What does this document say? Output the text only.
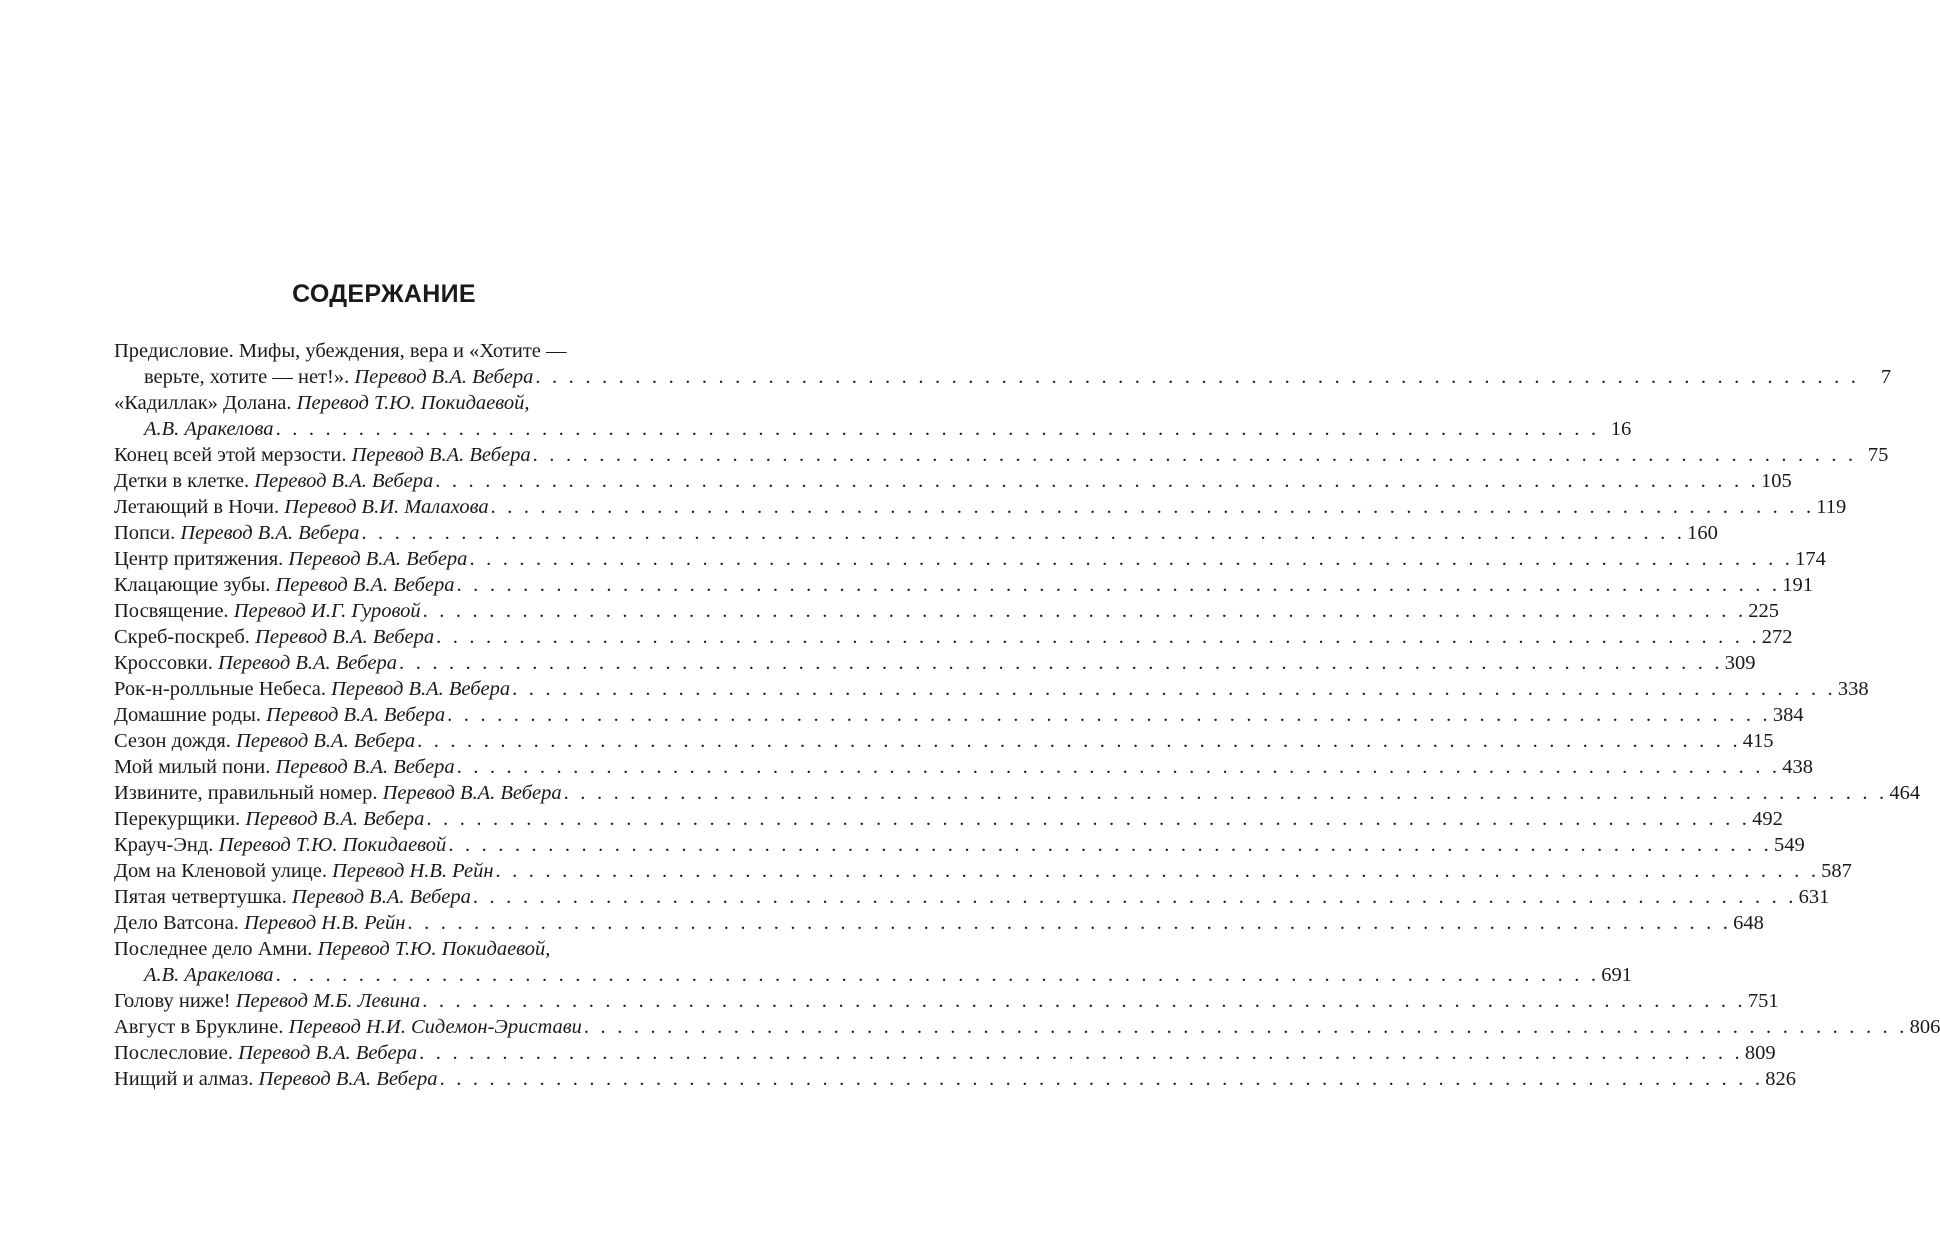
СОДЕРЖАНИЕ
Предисловие. Мифы, убеждения, вера и «Хотите —
верьте, хотите — нет!». Перевод В.А. Вебера . . . . . . . . . . . . . . . . . . . . . . . . . . . . . . . . . . . . . . . . . . . . . . . . . . . . . . . . . . . . . . . . . . . . . . . . . . . . . . . .	7
«Кадиллак» Долана. Перевод Т.Ю. Покидаевой,
А.В. Аракелова . . . . . . . . . . . . . . . . . . . . . . . . . . . . . . . . . . . . . . . . . . . . . . . . . . . . . . . . . . . . . . . . . . . . . . . . . . . . . . . . 16
Конец всей этой мерзости. Перевод В.А. Вебера . . . . . . . . . . . . . . . . . . . . . . . . . . . . . . . . . . . . . . . . . . . . . . . . . . . . . . . . . . . . . . . . . . . . . . . . . . . . . . . . 75
Детки в клетке. Перевод В.А. Вебера . . . . . . . . . . . . . . . . . . . . . . . . . . . . . . . . . . . . . . . . . . . . . . . . . . . . . . . . . . . . . . . . . . . . . . . . . . . . . . . . 105
Летающий в Ночи. Перевод В.И. Малахова . . . . . . . . . . . . . . . . . . . . . . . . . . . . . . . . . . . . . . . . . . . . . . . . . . . . . . . . . . . . . . . . . . . . . . . . . . . . . . . . 119
Попси. Перевод В.А. Вебера . . . . . . . . . . . . . . . . . . . . . . . . . . . . . . . . . . . . . . . . . . . . . . . . . . . . . . . . . . . . . . . . . . . . . . . . . . . . . . . . 160
Центр притяжения. Перевод В.А. Вебера . . . . . . . . . . . . . . . . . . . . . . . . . . . . . . . . . . . . . . . . . . . . . . . . . . . . . . . . . . . . . . . . . . . . . . . . . . . . . . . . 174
Клацающие зубы. Перевод В.А. Вебера . . . . . . . . . . . . . . . . . . . . . . . . . . . . . . . . . . . . . . . . . . . . . . . . . . . . . . . . . . . . . . . . . . . . . . . . . . . . . . . . 191
Посвящение. Перевод И.Г. Гуровой . . . . . . . . . . . . . . . . . . . . . . . . . . . . . . . . . . . . . . . . . . . . . . . . . . . . . . . . . . . . . . . . . . . . . . . . . . . . . . . . 225
Скреб-поскреб. Перевод В.А. Вебера . . . . . . . . . . . . . . . . . . . . . . . . . . . . . . . . . . . . . . . . . . . . . . . . . . . . . . . . . . . . . . . . . . . . . . . . . . . . . . . . 272
Кроссовки. Перевод В.А. Вебера . . . . . . . . . . . . . . . . . . . . . . . . . . . . . . . . . . . . . . . . . . . . . . . . . . . . . . . . . . . . . . . . . . . . . . . . . . . . . . . . 309
Рок-н-ролльные Небеса. Перевод В.А. Вебера . . . . . . . . . . . . . . . . . . . . . . . . . . . . . . . . . . . . . . . . . . . . . . . . . . . . . . . . . . . . . . . . . . . . . . . . . . . . . . . . 338
Домашние роды. Перевод В.А. Вебера . . . . . . . . . . . . . . . . . . . . . . . . . . . . . . . . . . . . . . . . . . . . . . . . . . . . . . . . . . . . . . . . . . . . . . . . . . . . . . . . 384
Сезон дождя. Перевод В.А. Вебера . . . . . . . . . . . . . . . . . . . . . . . . . . . . . . . . . . . . . . . . . . . . . . . . . . . . . . . . . . . . . . . . . . . . . . . . . . . . . . . . 415
Мой милый пони. Перевод В.А. Вебера . . . . . . . . . . . . . . . . . . . . . . . . . . . . . . . . . . . . . . . . . . . . . . . . . . . . . . . . . . . . . . . . . . . . . . . . . . . . . . . . 438
Извините, правильный номер. Перевод В.А. Вебера . . . . . . . . . . . . . . . . . . . . . . . . . . . . . . . . . . . . . . . . . . . . . . . . . . . . . . . . . . . . . . . . . . . . . . . . . . . . . . . . 464
Перекурщики. Перевод В.А. Вебера . . . . . . . . . . . . . . . . . . . . . . . . . . . . . . . . . . . . . . . . . . . . . . . . . . . . . . . . . . . . . . . . . . . . . . . . . . . . . . . . 492
Крауч-Энд. Перевод Т.Ю. Покидаевой . . . . . . . . . . . . . . . . . . . . . . . . . . . . . . . . . . . . . . . . . . . . . . . . . . . . . . . . . . . . . . . . . . . . . . . . . . . . . . . . 549
Дом на Кленовой улице. Перевод Н.В. Рейн . . . . . . . . . . . . . . . . . . . . . . . . . . . . . . . . . . . . . . . . . . . . . . . . . . . . . . . . . . . . . . . . . . . . . . . . . . . . . . . . 587
Пятая четвертушка. Перевод В.А. Вебера . . . . . . . . . . . . . . . . . . . . . . . . . . . . . . . . . . . . . . . . . . . . . . . . . . . . . . . . . . . . . . . . . . . . . . . . . . . . . . . . 631
Дело Ватсона. Перевод Н.В. Рейн . . . . . . . . . . . . . . . . . . . . . . . . . . . . . . . . . . . . . . . . . . . . . . . . . . . . . . . . . . . . . . . . . . . . . . . . . . . . . . . . 648
Последнее дело Амни. Перевод Т.Ю. Покидаевой,
А.В. Аракелова . . . . . . . . . . . . . . . . . . . . . . . . . . . . . . . . . . . . . . . . . . . . . . . . . . . . . . . . . . . . . . . . . . . . . . . . . . . . . . . . 691
Голову ниже! Перевод М.Б. Левина . . . . . . . . . . . . . . . . . . . . . . . . . . . . . . . . . . . . . . . . . . . . . . . . . . . . . . . . . . . . . . . . . . . . . . . . . . . . . . . . 751
Август в Бруклине. Перевод Н.И. Сидемон-Эристави . . . . . . . . . . . . . . . . . . . . . . . . . . . . . . . . . . . . . . . . . . . . . . . . . . . . . . . . . . . . . . . . . . . . . . . . . . . . . . . . 806
Послесловие. Перевод В.А. Вебера . . . . . . . . . . . . . . . . . . . . . . . . . . . . . . . . . . . . . . . . . . . . . . . . . . . . . . . . . . . . . . . . . . . . . . . . . . . . . . . . 809
Нищий и алмаз. Перевод В.А. Вебера . . . . . . . . . . . . . . . . . . . . . . . . . . . . . . . . . . . . . . . . . . . . . . . . . . . . . . . . . . . . . . . . . . . . . . . . . . . . . . . . 826
